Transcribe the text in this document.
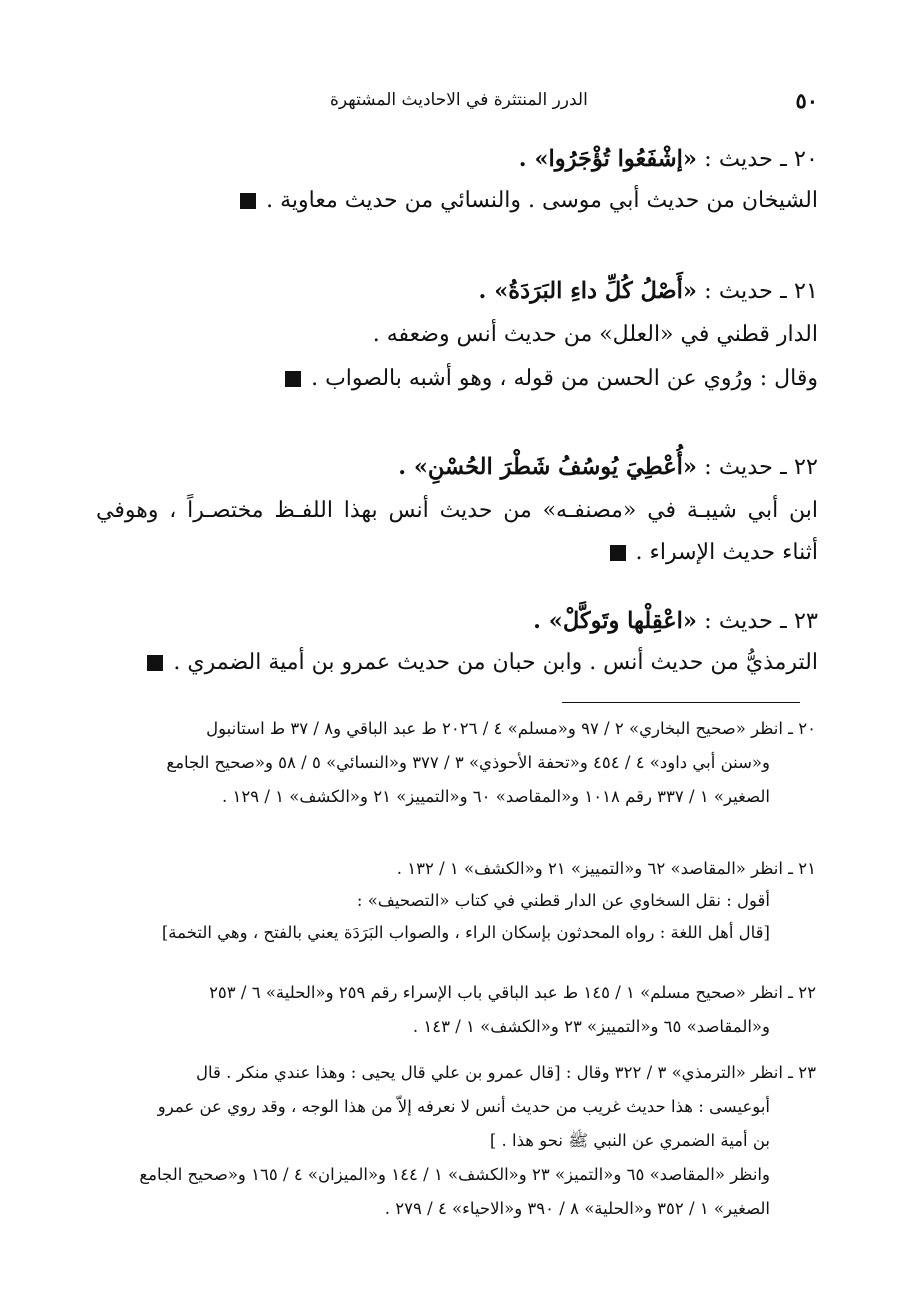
٥٠
الدرر المنتثرة في الاحاديث المشتهرة
٢٠ ـ حديث : «إشْفَعُوا تُؤْجَرُوا» .
الشيخان من حديث أبي موسى . والنسائي من حديث معاوية .
٢١ ـ حديث : «أَصْلُ كُلِّ داءِ البَرَدَةُ» .
الدار قطني في «العلل» من حديث أنس وضعفه .
وقال : ورُوي عن الحسن من قوله ، وهو أشبه بالصواب .
٢٢ ـ حديث : «أُعْطِيَ يُوسُفُ شَطْرَ الحُسْنِ» .
ابن أبي شيبـة في «مصنفـه» من حديث أنس بهذا اللفـظ مختصـراً ، وهوفي
أثناء حديث الإسراء .
٢٣ ـ حديث : «اعْقِلْها وتَوكَّلْ» .
الترمذيُّ من حديث أنس . وابن حبان من حديث عمرو بن أمية الضمري .
٢٠ ـ انظر «صحيح البخاري» ٢ / ٩٧ و«مسلم» ٤ / ٢٠٢٦ ط عبد الباقي و٨ / ٣٧ ط استانبول
و«سنن أبي داود» ٤ / ٤٥٤ و«تحفة الأحوذي» ٣ / ٣٧٧ و«النسائي» ٥ / ٥٨ و«صحيح الجامع
الصغير» ١ / ٣٣٧ رقم ١٠١٨ و«المقاصد» ٦٠ و«التمييز» ٢١ و«الكشف» ١ / ١٢٩ .
٢١ ـ انظر «المقاصد» ٦٢ و«التمييز» ٢١ و«الكشف» ١ / ١٣٢ .
أقول : نقل السخاوي عن الدار قطني في كتاب «التصحيف» :
[قال أهل اللغة : رواه المحدثون بإسكان الراء ، والصواب البَرَدَة يعني بالفتح ، وهي التخمة]
٢٢ ـ انظر «صحيح مسلم» ١ / ١٤٥ ط عبد الباقي باب الإسراء رقم ٢٥٩ و«الحلية» ٦ / ٢٥٣
و«المقاصد» ٦٥ و«التمييز» ٢٣ و«الكشف» ١ / ١٤٣ .
٢٣ ـ انظر «الترمذي» ٣ / ٣٢٢ وقال : [قال عمرو بن علي قال يحيى : وهذا عندي منكر . قال
أبوعيسى : هذا حديث غريب من حديث أنس لا نعرفه إلاّ من هذا الوجه ، وقد روي عن عمرو
بن أمية الضمري عن النبي ﷺ نحو هذا . ]
وانظر «المقاصد» ٦٥ و«التميز» ٢٣ و«الكشف» ١ / ١٤٤ و«الميزان» ٤ / ١٦٥ و«صحيح الجامع
الصغير» ١ / ٣٥٢ و«الحلية» ٨ / ٣٩٠ و«الاحياء» ٤ / ٢٧٩ .
